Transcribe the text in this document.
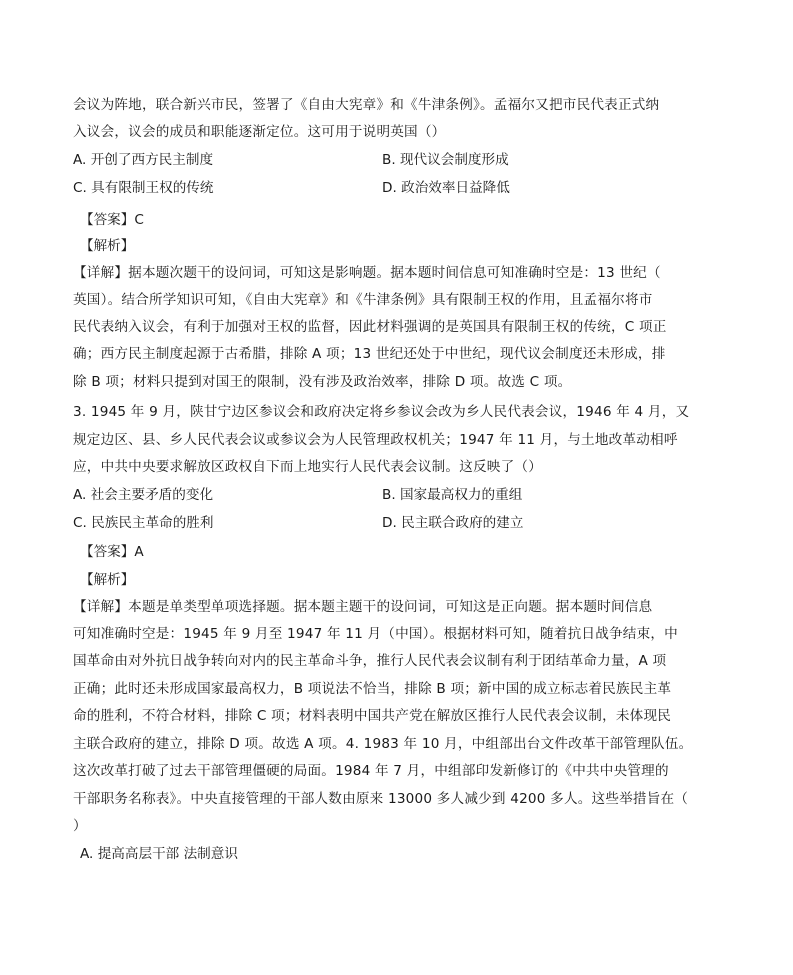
会议为阵地，联合新兴市民，签署了《自由大宪章》和《牛津条例》。孟福尔又把市民代表正式纳
入议会，议会的成员和职能逐渐定位。这可用于说明英国（）
A. 开创了西方民主制度	B. 现代议会制度形成
C. 具有限制王权的传统	D. 政治效率日益降低
【答案】C
【解析】
【详解】据本题次题干的设问词，可知这是影响题。据本题时间信息可知准确时空是：13 世纪（
英国）。结合所学知识可知，《自由大宪章》和《牛津条例》具有限制王权的作用，且孟福尔将市
民代表纳入议会，有利于加强对王权的监督，因此材料强调的是英国具有限制王权的传统，C 项正
确；西方民主制度起源于古希腊，排除 A 项；13 世纪还处于中世纪，现代议会制度还未形成，排
除 B 项；材料只提到对国王的限制，没有涉及政治效率，排除 D 项。故选 C 项。
3. 1945 年 9 月，陕甘宁边区参议会和政府决定将乡参议会改为乡人民代表会议，1946 年 4 月，又
规定边区、县、乡人民代表会议或参议会为人民管理政权机关；1947 年 11 月，与土地改革动相呼
应，中共中央要求解放区政权自下而上地实行人民代表会议制。这反映了（）
A. 社会主要矛盾的变化	B. 国家最高权力的重组
C. 民族民主革命的胜利	D. 民主联合政府的建立
【答案】A
【解析】
【详解】本题是单类型单项选择题。据本题主题干的设问词，可知这是正向题。据本题时间信息
可知准确时空是：1945 年 9 月至 1947 年 11 月（中国）。根据材料可知，随着抗日战争结束，中
国革命由对外抗日战争转向对内的民主革命斗争，推行人民代表会议制有利于团结革命力量，A 项
正确；此时还未形成国家最高权力，B 项说法不恰当，排除 B 项；新中国的成立标志着民族民主革
命的胜利，不符合材料，排除 C 项；材料表明中国共产党在解放区推行人民代表会议制，未体现民
主联合政府的建立，排除 D 项。故选 A 项。4. 1983 年 10 月，中组部出台文件改革干部管理队伍。
这次改革打破了过去干部管理僵硬的局面。1984 年 7 月，中组部印发新修订的《中共中央管理的
干部职务名称表》。中央直接管理的干部人数由原来 13000 多人减少到 4200 多人。这些举措旨在（
）
A. 提高高层干部 法制意识
